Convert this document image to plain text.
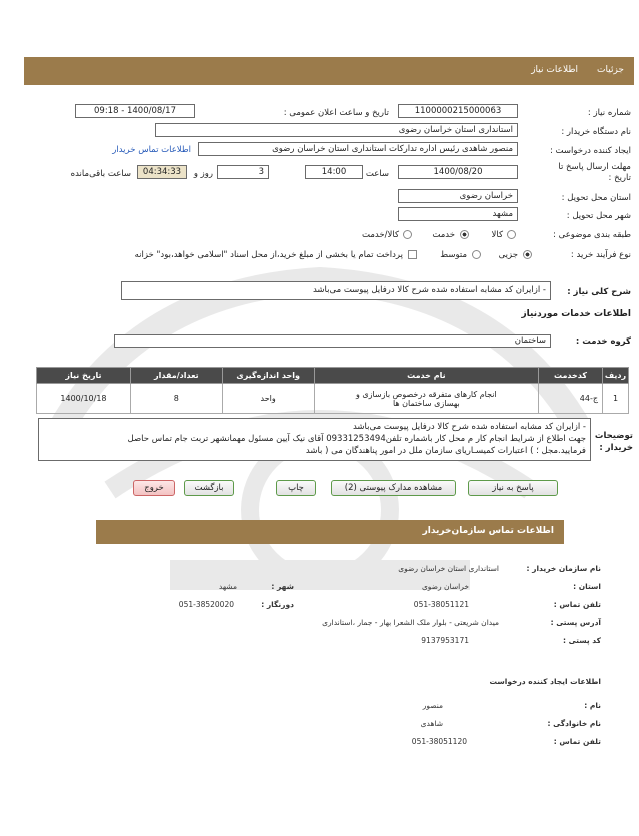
اطلاعات نیاز جزئیات
شماره نیاز :
1100000215000063
تاریخ و ساعت اعلان عمومی :
1400/08/17 - 09:18
نام دستگاه خریدار :
استانداری استان خراسان رضوی
ایجاد کننده درخواست :
منصور شاهدی رئیس اداره تدارکات استانداری استان خراسان رضوی
اطلاعات تماس خریدار
مهلت ارسال پاسخ تا تاریخ :
1400/08/20
ساعت
14:00
3
روز و
04:34:33
ساعت باقی‌مانده
استان محل تحویل :
خراسان رضوی
شهر محل تحویل :
مشهد
طبقه بندی موضوعی :
کالا
خدمت
کالا/خدمت
نوع فرآیند خرید :
جزیی
متوسط
پرداخت تمام یا بخشی از مبلغ خرید،از محل اسناد "اسلامی خواهد،بود" خزانه
شرح کلی نیاز :
- ازایران کد مشابه استفاده شده شرح کالا درفایل پیوست می‌باشد
اطلاعات خدمات موردنیاز
گروه خدمت :
ساختمان
ردیف	کدخدمت	نام خدمت	واحد اندازه‌گیری	تعداد/مقدار	تاریخ نیاز
1	ج-44	انجام کارهای متفرقه درخصوص بازسازی و
بهسازی ساختمان ها	واحد	8	1400/10/18
توضیحات خریدار :
- ازایران کد مشابه استفاده شده شرح کالا درفایل پیوست می‌باشد
جهت اطلاع از شرایط انجام کار م محل کار باشماره تلفن09331253494 آقای نیک آیین مسئول مهمانشهر تربت جام تماس حاصل
فرمایید.مجل ؛ ) اعتبارات کمیسـاریای سازمان ملل در امور پناهندگان می ( باشد
پاسخ به نیاز
مشاهده مدارک پیوستی (2)
چاپ
بازگشت
خروج
اطلاعات تماس سازمان‌خریدار
نام سازمان خریدار :
استانداری استان خراسان رضوی
استان :
خراسان رضوی
شهر :
مشهد
تلفن تماس :
051-38051121
دورنگار :
051-38520020
آدرس پستی :
میدان شریعتی - بلوار ملک الشعرا بهار - جمار ،استانداری
کد پستی :
9137953171
اطلاعات ایجاد کننده درخواست
نام :
منصور
نام خانوادگی :
شاهدی
تلفن تماس :
051-38051120
